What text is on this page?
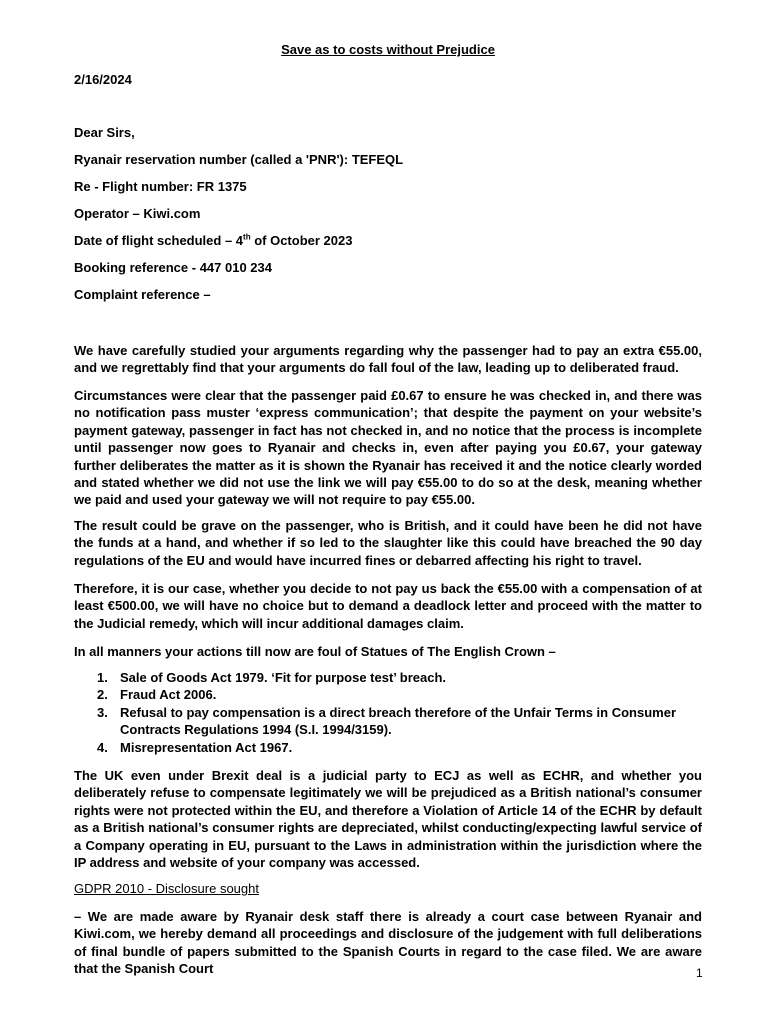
Save as to costs without Prejudice
2/16/2024
Dear Sirs,
Ryanair reservation number (called a 'PNR'): TEFEQL
Re - Flight number: FR 1375
Operator – Kiwi.com
Date of flight scheduled – 4th of October 2023
Booking reference - 447 010 234
Complaint reference –
We have carefully studied your arguments regarding why the passenger had to pay an extra €55.00, and we regrettably find that your arguments do fall foul of the law, leading up to deliberated fraud.
Circumstances were clear that the passenger paid £0.67 to ensure he was checked in, and there was no notification pass muster ‘express communication’; that despite the payment on your website’s payment gateway, passenger in fact has not checked in, and no notice that the process is incomplete until passenger now goes to Ryanair and checks in, even after paying you £0.67, your gateway further deliberates the matter as it is shown the Ryanair has received it and the notice clearly worded and stated whether we did not use the link we will pay €55.00 to do so at the desk, meaning whether we paid and used your gateway we will not require to pay €55.00.
The result could be grave on the passenger, who is British, and it could have been he did not have the funds at a hand, and whether if so led to the slaughter like this could have breached the 90 day regulations of the EU and would have incurred fines or debarred affecting his right to travel.
Therefore, it is our case, whether you decide to not pay us back the €55.00 with a compensation of at least €500.00, we will have no choice but to demand a deadlock letter and proceed with the matter to the Judicial remedy, which will incur additional damages claim.
In all manners your actions till now are foul of Statues of The English Crown –
1. Sale of Goods Act 1979. ‘Fit for purpose test’ breach.
2. Fraud Act 2006.
3. Refusal to pay compensation is a direct breach therefore of the Unfair Terms in Consumer Contracts Regulations 1994 (S.I. 1994/3159).
4. Misrepresentation Act 1967.
The UK even under Brexit deal is a judicial party to ECJ as well as ECHR, and whether you deliberately refuse to compensate legitimately we will be prejudiced as a British national’s consumer rights were not protected within the EU, and therefore a Violation of Article 14 of the ECHR by default as a British national’s consumer rights are depreciated, whilst conducting/expecting lawful service of a Company operating in EU, pursuant to the Laws in administration within the jurisdiction where the IP address and website of your company was accessed.
GDPR 2010 - Disclosure sought
– We are made aware by Ryanair desk staff there is already a court case between Ryanair and Kiwi.com, we hereby demand all proceedings and disclosure of the judgement with full deliberations of final bundle of papers submitted to the Spanish Courts in regard to the case filed. We are aware that the Spanish Court	1
